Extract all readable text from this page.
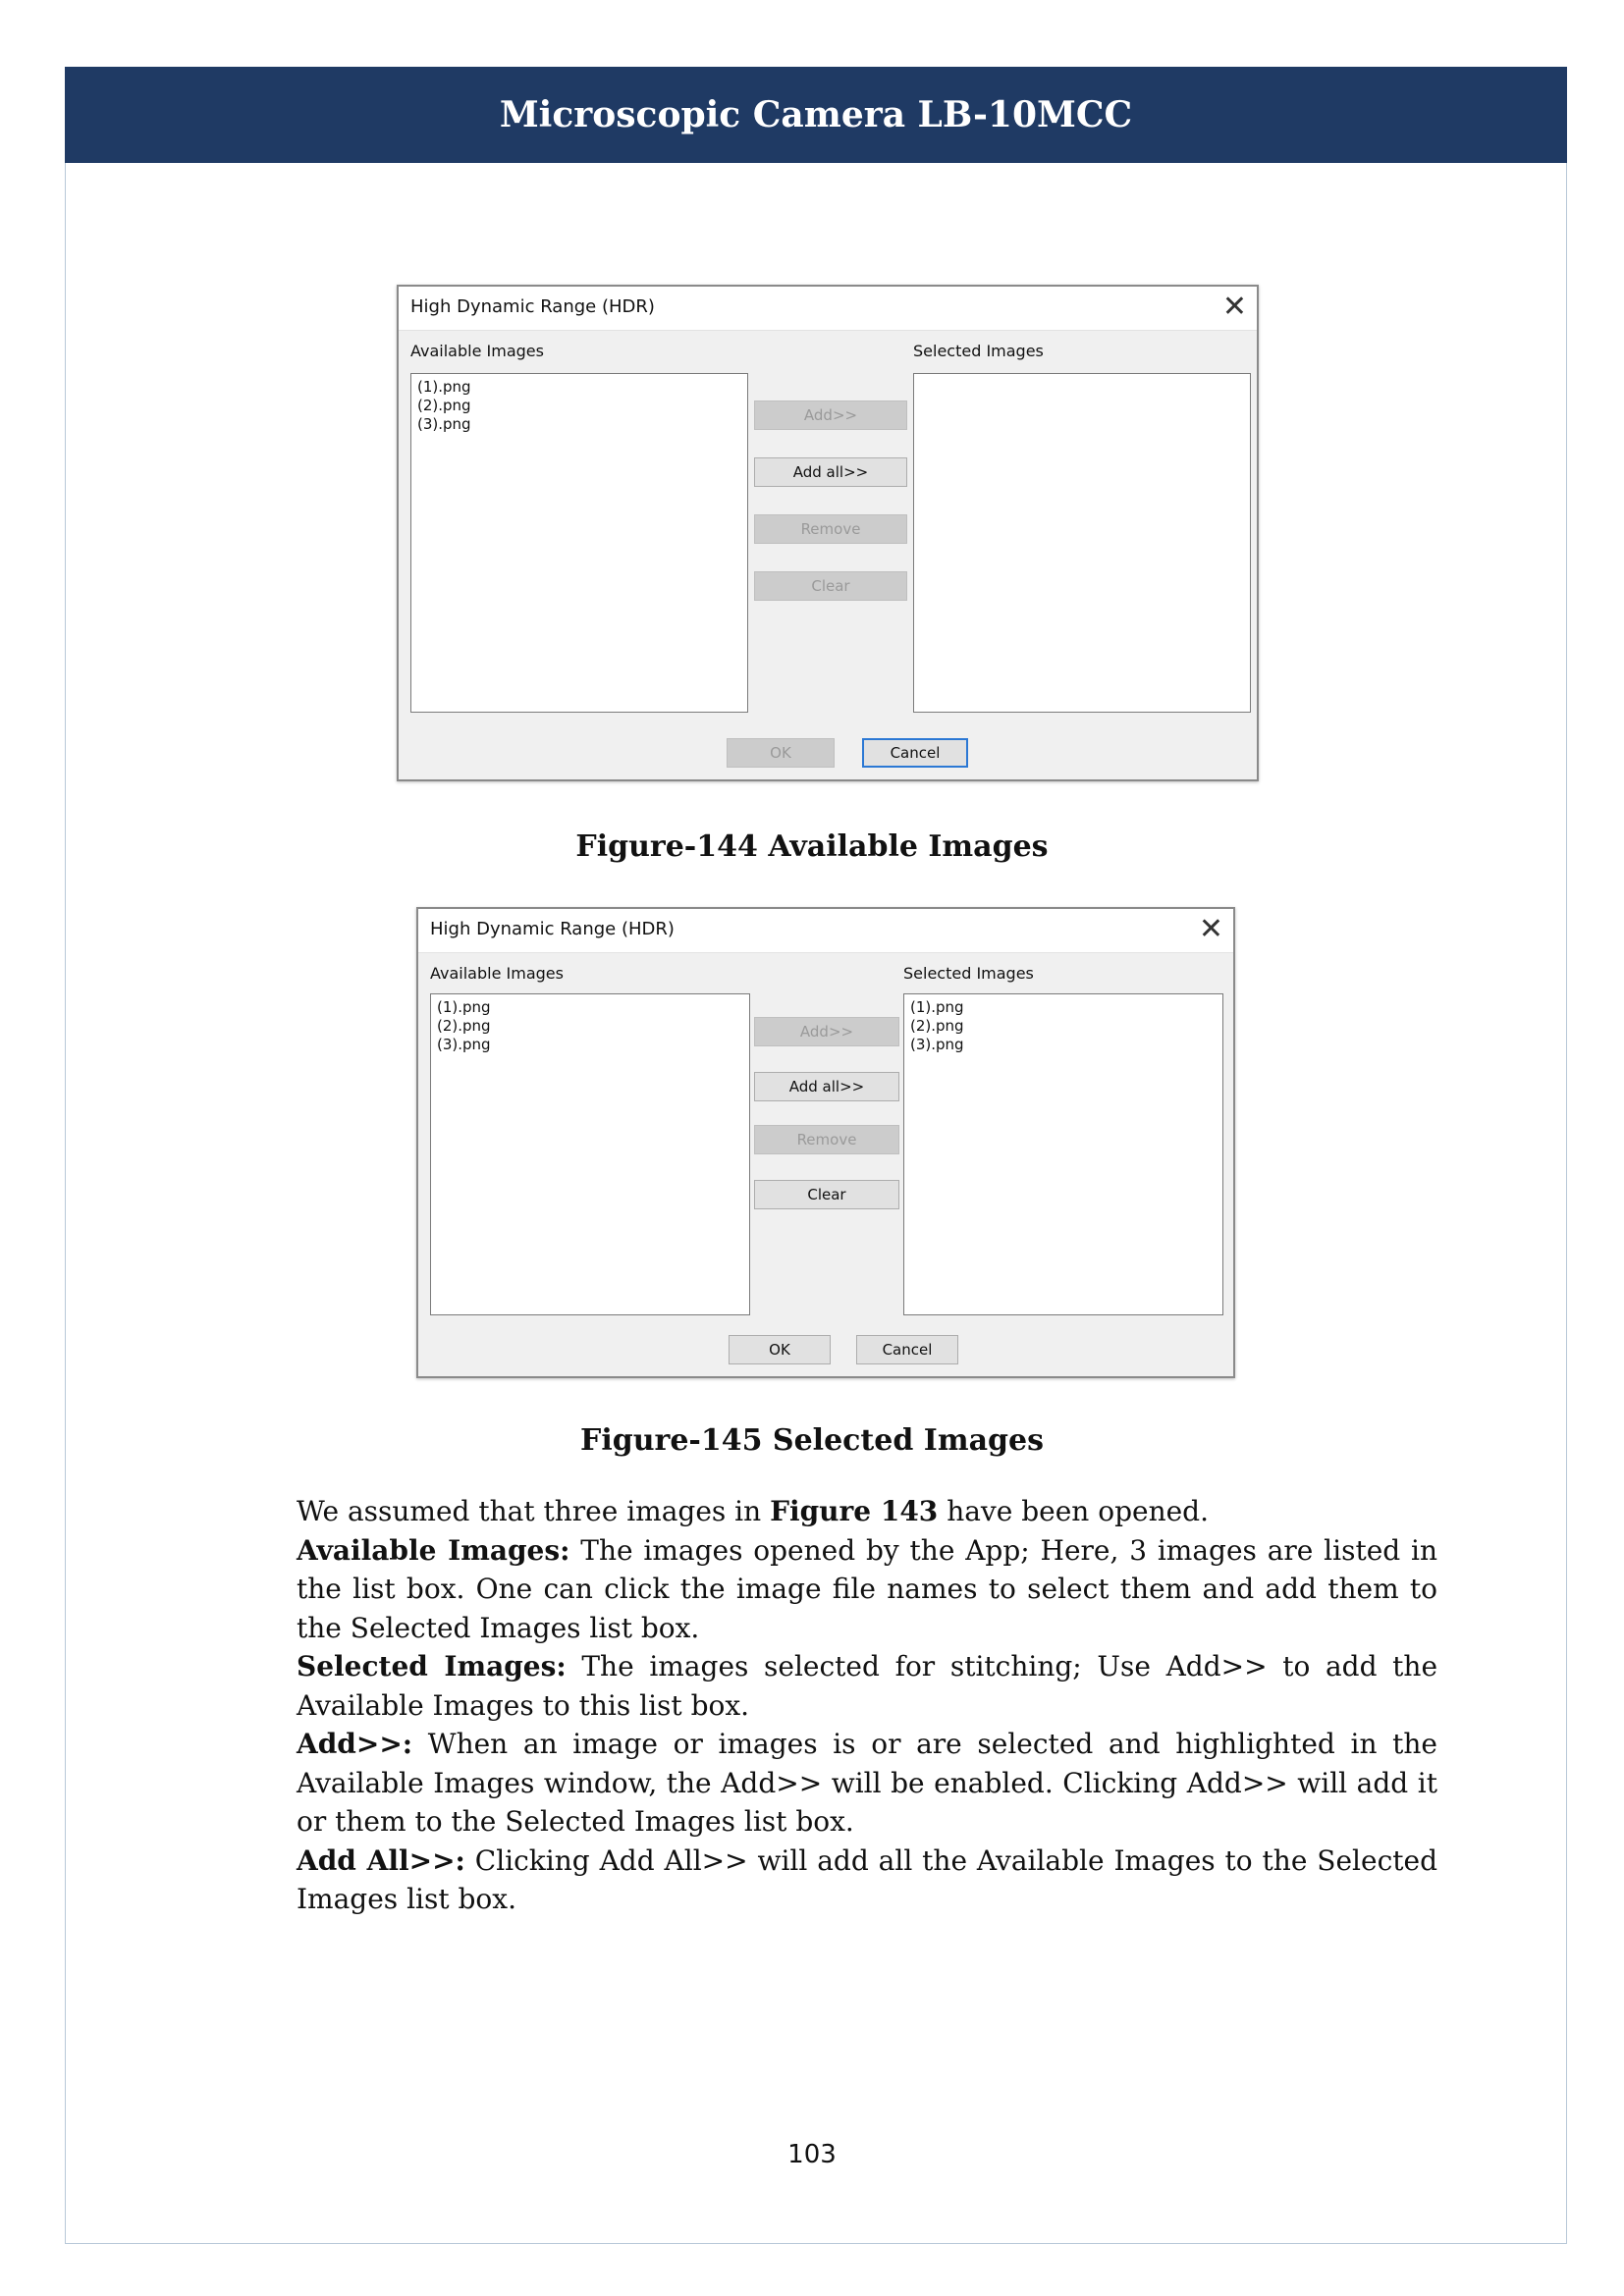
Microscopic Camera LB-10MCC
High Dynamic Range (HDR)	✕
Available Images	Selected Images
(1).png
(2).png
(3).png	Add>>
Add all>>
Remove
Clear
OK	Cancel
Figure-144 Available Images
High Dynamic Range (HDR)	✕
Available Images	Selected Images
(1).png
(2).png
(3).png
(1).png
(2).png
(3).png
Add>>
Add all>>
Remove
Clear
OK	Cancel
Figure-145 Selected Images

We assumed that three images in Figure 143 have been opened.

Available Images: The images opened by the App; Here, 3 images are listed in the list box. One can click the image file names to select them and add them to the Selected Images list box.

Selected Images: The images selected for stitching; Use Add>> to add the Available Images to this list box.

Add>>: When an image or images is or are selected and highlighted in the Available Images window, the Add>> will be enabled. Clicking Add>> will add it or them to the Selected Images list box.

Add All>>: Clicking Add All>> will add all the Available Images to the Selected Images list box.

103
